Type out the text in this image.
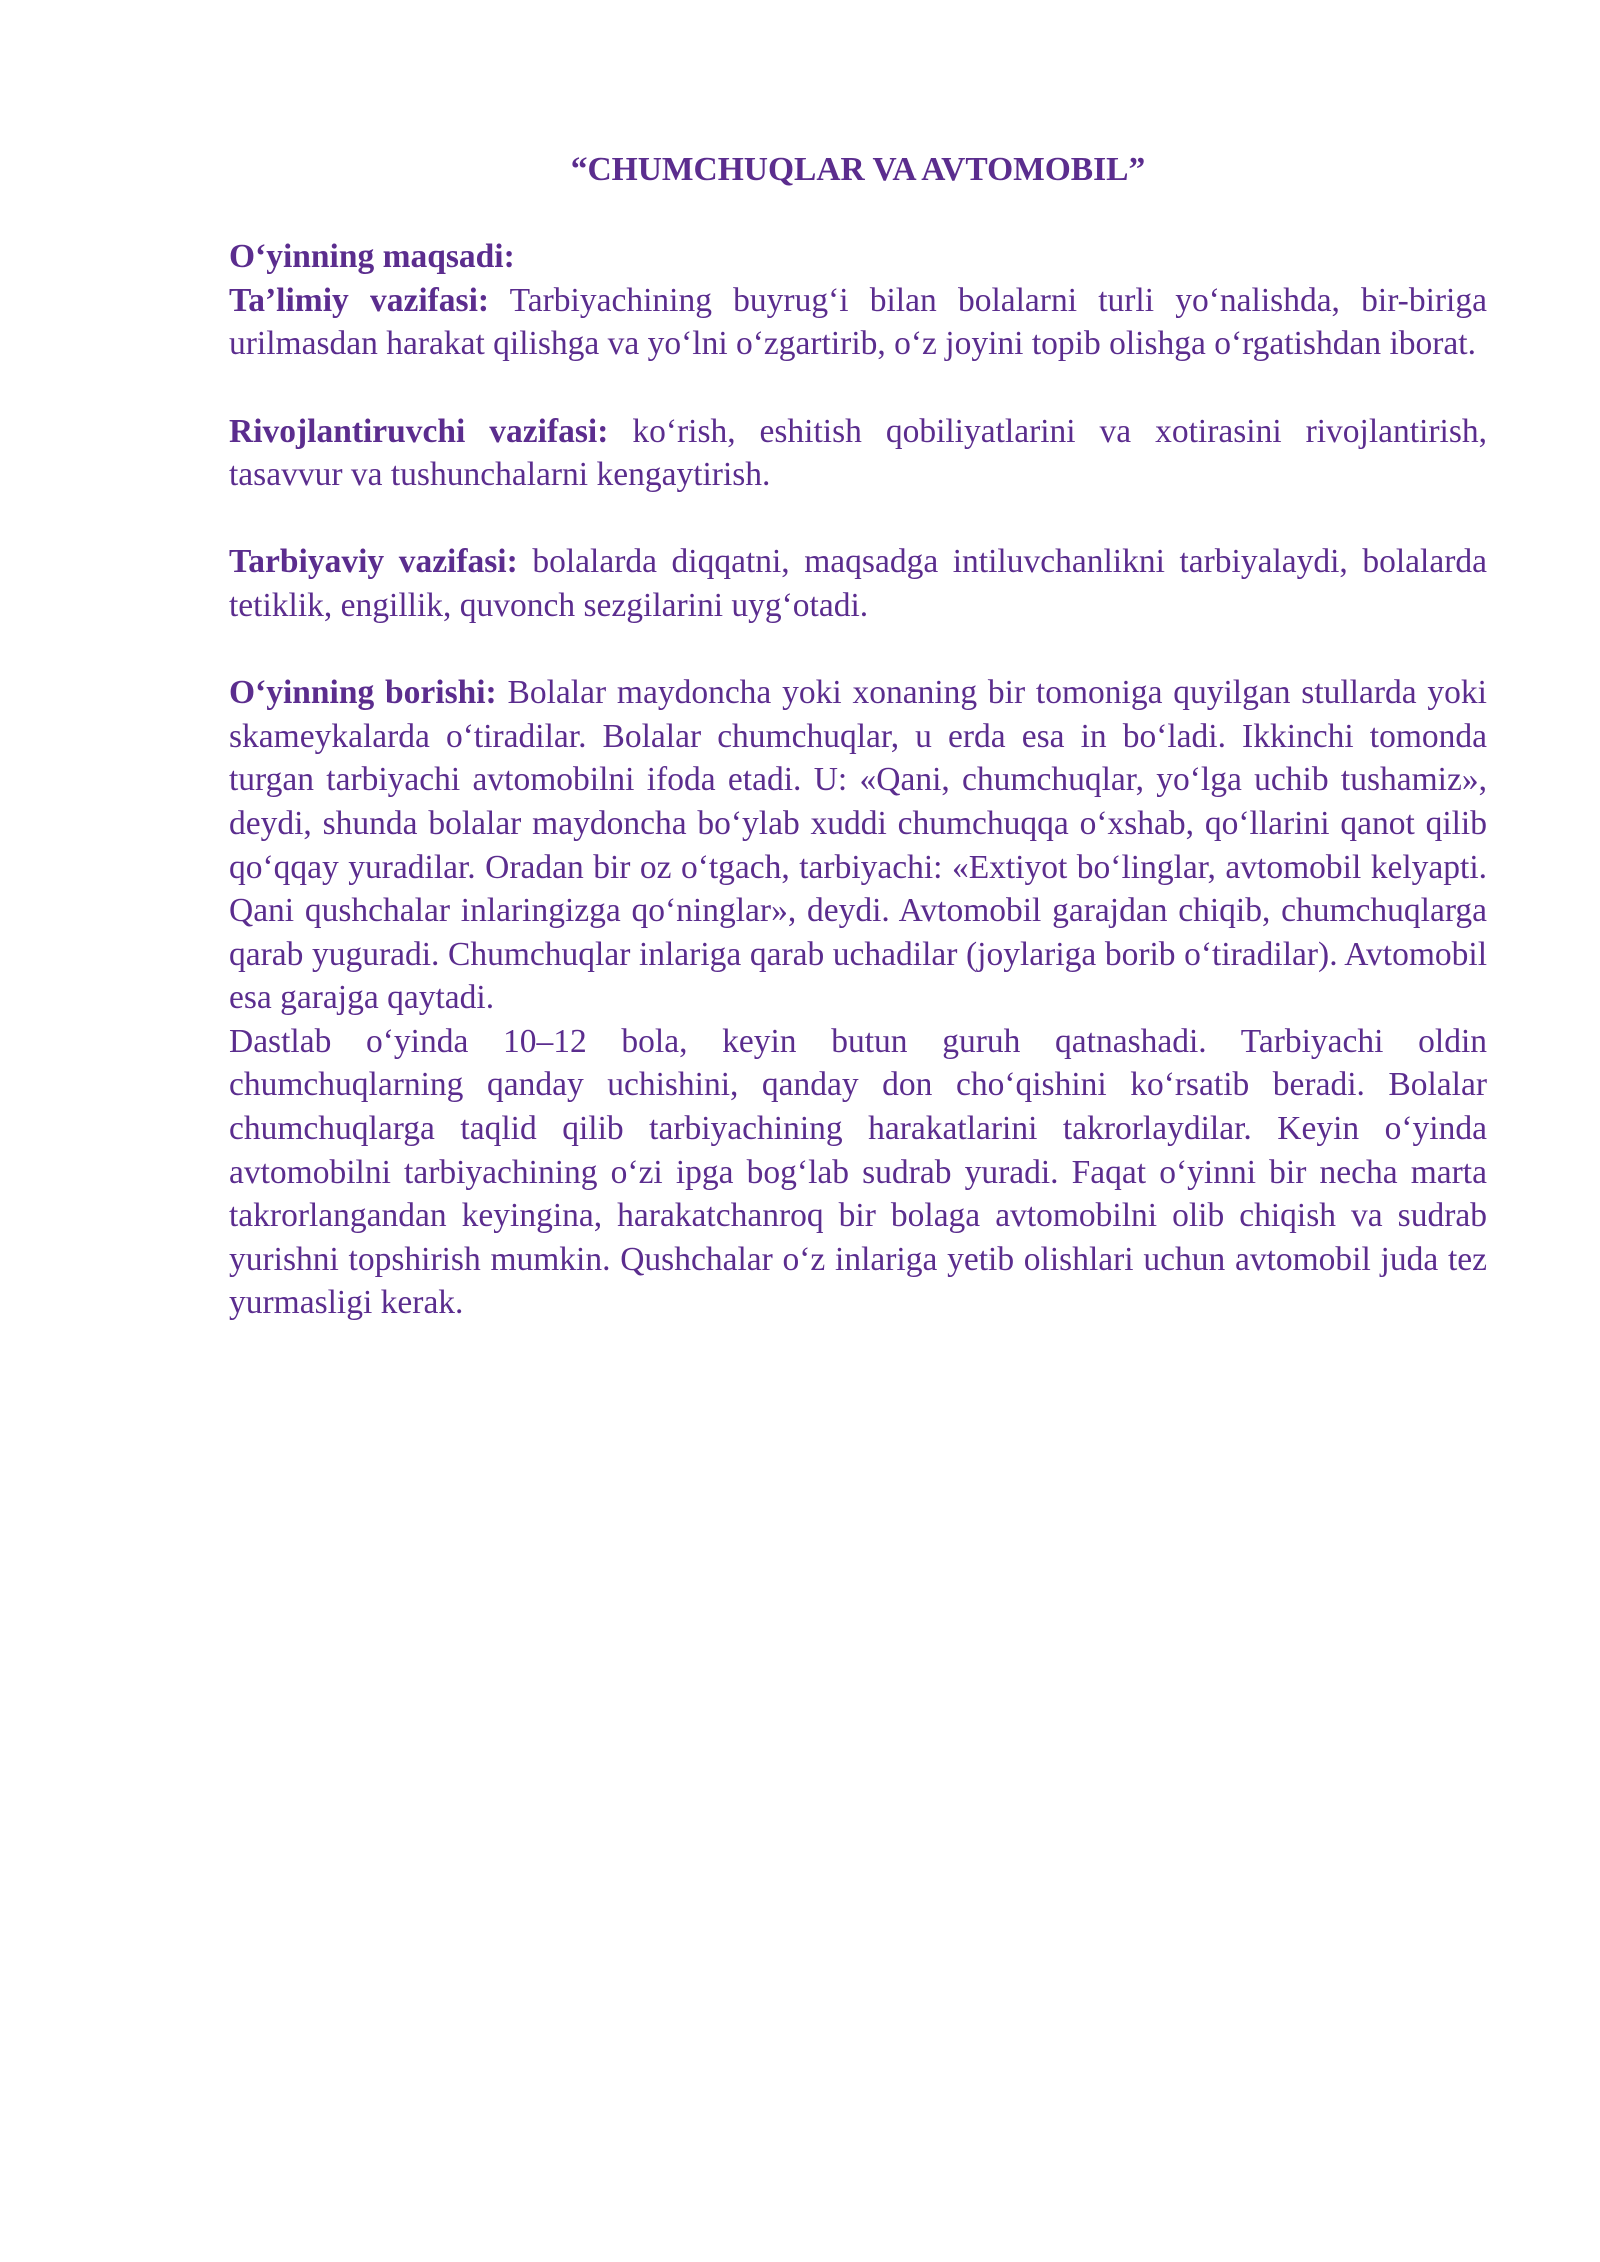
“CHUMCHUQLAR VA AVTOMOBIL”
O‘yinning maqsadi:

Ta’limiy vazifasi: Tarbiyachining buyrug‘i bilan bolalarni turli yo‘nalishda, bir-biriga urilmasdan harakat qilishga va yo‘lni o‘zgartirib, o‘z joyini topib olishga o‘rgatishdan iborat.

Rivojlantiruvchi vazifasi: ko‘rish, eshitish qobiliyatlarini va xotirasini rivojlantirish, tasavvur va tushunchalarni kengaytirish.

Tarbiyaviy vazifasi: bolalarda diqqatni, maqsadga intiluvchanlikni tarbiyalaydi, bolalarda tetiklik, engillik, quvonch sezgilarini uyg‘otadi.

O‘yinning borishi: Bolalar maydoncha yoki xonaning bir tomoniga quyilgan stullarda yoki skameykalarda o‘tiradilar. Bolalar chumchuqlar, u erda esa in bo‘ladi. Ikkinchi tomonda turgan tarbiyachi avtomobilni ifoda etadi. U: «Qani, chumchuqlar, yo‘lga uchib tushamiz», deydi, shunda bolalar maydoncha bo‘ylab xuddi chumchuqqa o‘xshab, qo‘llarini qanot qilib qo‘qqay yuradilar. Oradan bir oz o‘tgach, tarbiyachi: «Extiyot bo‘linglar, avtomobil kelyapti. Qani qushchalar inlaringizga qo‘ninglar», deydi. Avtomobil garajdan chiqib, chumchuqlarga qarab yuguradi. Chumchuqlar inlariga qarab uchadilar (joylariga borib o‘tiradilar). Avtomobil esa garajga qaytadi.

Dastlab o‘yinda 10–12 bola, keyin butun guruh qatnashadi. Tarbiyachi oldin chumchuqlarning qanday uchishini, qanday don cho‘qishini ko‘rsatib beradi. Bolalar chumchuqlarga taqlid qilib tarbiyachining harakatlarini takrorlaydilar. Keyin o‘yinda avtomobilni tarbiyachining o‘zi ipga bog‘lab sudrab yuradi. Faqat o‘yinni bir necha marta takrorlangandan keyingina, harakatchanroq bir bolaga avtomobilni olib chiqish va sudrab yurishni topshirish mumkin. Qushchalar o‘z inlariga yetib olishlari uchun avtomobil juda tez yurmasligi kerak.
